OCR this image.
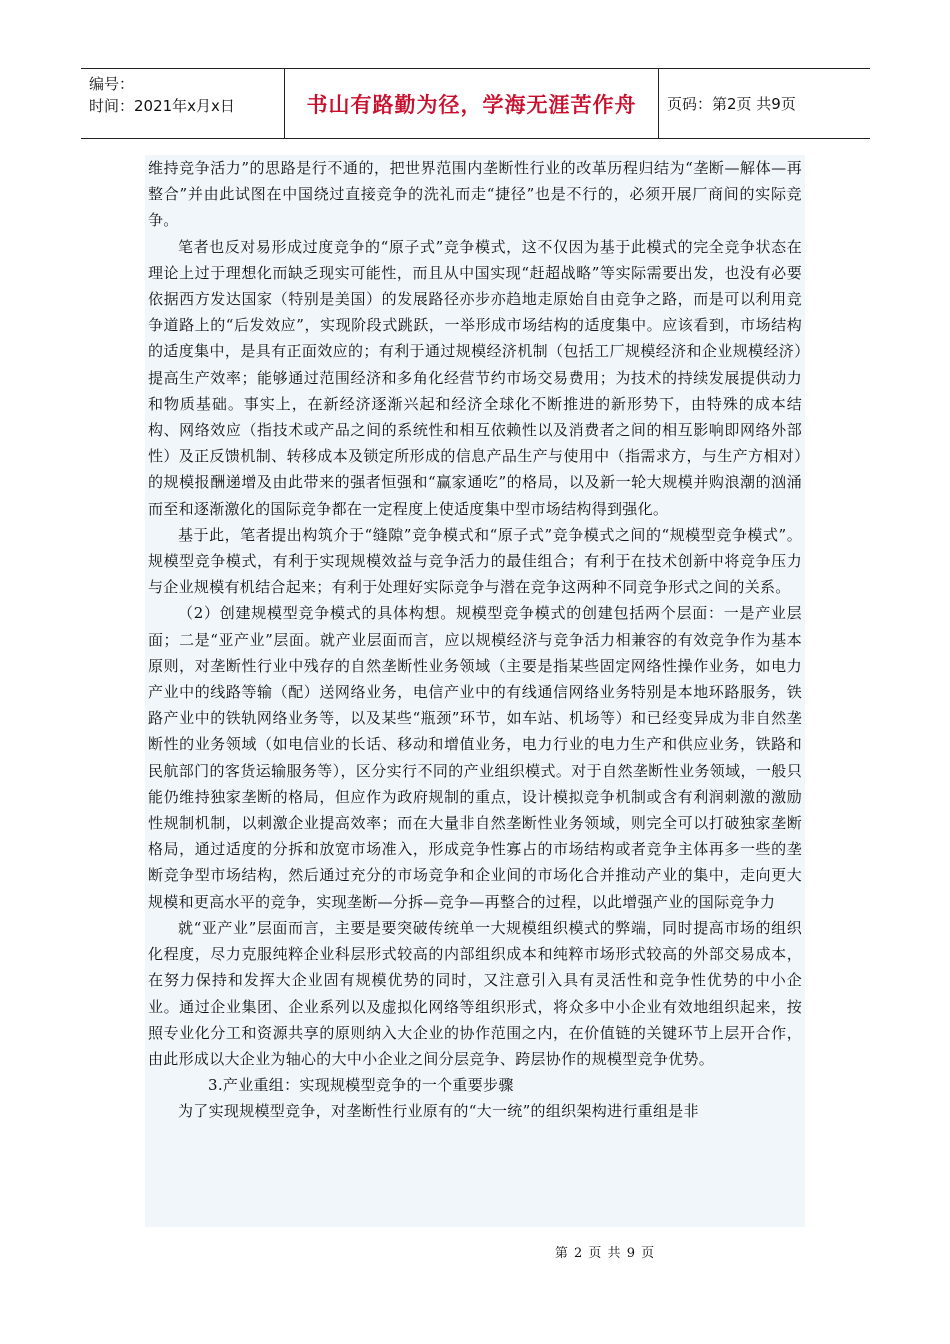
编号：
时间：2021年x月x日	书山有路勤为径，学海无涯苦作舟 页码：第2页 共9页

维持竞争活力”的思路是行不通的，把世界范围内垄断性行业的改革历程归结为“垄断—解体—再整合”并由此试图在中国绕过直接竞争的洗礼而走“捷径”也是不行的，必须开展厂商间的实际竞争。

笔者也反对易形成过度竞争的“原子式”竞争模式，这不仅因为基于此模式的完全竞争状态在理论上过于理想化而缺乏现实可能性，而且从中国实现“赶超战略”等实际需要出发，也没有必要依据西方发达国家（特别是美国）的发展路径亦步亦趋地走原始自由竞争之路，而是可以利用竞争道路上的“后发效应”，实现阶段式跳跃，一举形成市场结构的适度集中。应该看到，市场结构的适度集中，是具有正面效应的；有利于通过规模经济机制（包括工厂规模经济和企业规模经济）提高生产效率；能够通过范围经济和多角化经营节约市场交易费用；为技术的持续发展提供动力和物质基础。事实上，在新经济逐渐兴起和经济全球化不断推进的新形势下，由特殊的成本结构、网络效应（指技术或产品之间的系统性和相互依赖性以及消费者之间的相互影响即网络外部性）及正反馈机制、转移成本及锁定所形成的信息产品生产与使用中（指需求方，与生产方相对）的规模报酬递增及由此带来的强者恒强和“赢家通吃”的格局，以及新一轮大规模并购浪潮的汹涌而至和逐渐激化的国际竞争都在一定程度上使适度集中型市场结构得到强化。

基于此，笔者提出构筑介于“缝隙”竞争模式和“原子式”竞争模式之间的“规模型竞争模式”。规模型竞争模式，有利于实现规模效益与竞争活力的最佳组合；有利于在技术创新中将竞争压力与企业规模有机结合起来；有利于处理好实际竞争与潜在竞争这两种不同竞争形式之间的关系。

（2）创建规模型竞争模式的具体构想。规模型竞争模式的创建包括两个层面：一是产业层面；二是“亚产业”层面。就产业层面而言，应以规模经济与竞争活力相兼容的有效竞争作为基本原则，对垄断性行业中残存的自然垄断性业务领域（主要是指某些固定网络性操作业务，如电力产业中的线路等输（配）送网络业务，电信产业中的有线通信网络业务特别是本地环路服务，铁路产业中的铁轨网络业务等，以及某些“瓶颈”环节，如车站、机场等）和已经变异成为非自然垄断性的业务领域（如电信业的长话、移动和增值业务，电力行业的电力生产和供应业务，铁路和民航部门的客货运输服务等），区分实行不同的产业组织模式。对于自然垄断性业务领域，一般只能仍维持独家垄断的格局，但应作为政府规制的重点，设计模拟竞争机制或含有利润刺激的激励性规制机制，以刺激企业提高效率；而在大量非自然垄断性业务领域，则完全可以打破独家垄断格局，通过适度的分拆和放宽市场准入，形成竞争性寡占的市场结构或者竞争主体再多一些的垄断竞争型市场结构，然后通过充分的市场竞争和企业间的市场化合并推动产业的集中，走向更大规模和更高水平的竞争，实现垄断—分拆—竞争—再整合的过程，以此增强产业的国际竞争力

就“亚产业”层面而言，主要是要突破传统单一大规模组织模式的弊端，同时提高市场的组织化程度，尽力克服纯粹企业科层形式较高的内部组织成本和纯粹市场形式较高的外部交易成本，在努力保持和发挥大企业固有规模优势的同时，又注意引入具有灵活性和竞争性优势的中小企业。通过企业集团、企业系列以及虚拟化网络等组织形式，将众多中小企业有效地组织起来，按照专业化分工和资源共享的原则纳入大企业的协作范围之内，在价值链的关键环节上层开合作，由此形成以大企业为轴心的大中小企业之间分层竞争、跨层协作的规模型竞争优势。

3.产业重组：实现规模型竞争的一个重要步骤

为了实现规模型竞争，对垄断性行业原有的“大一统”的组织架构进行重组是非

第 2 页 共 9 页
